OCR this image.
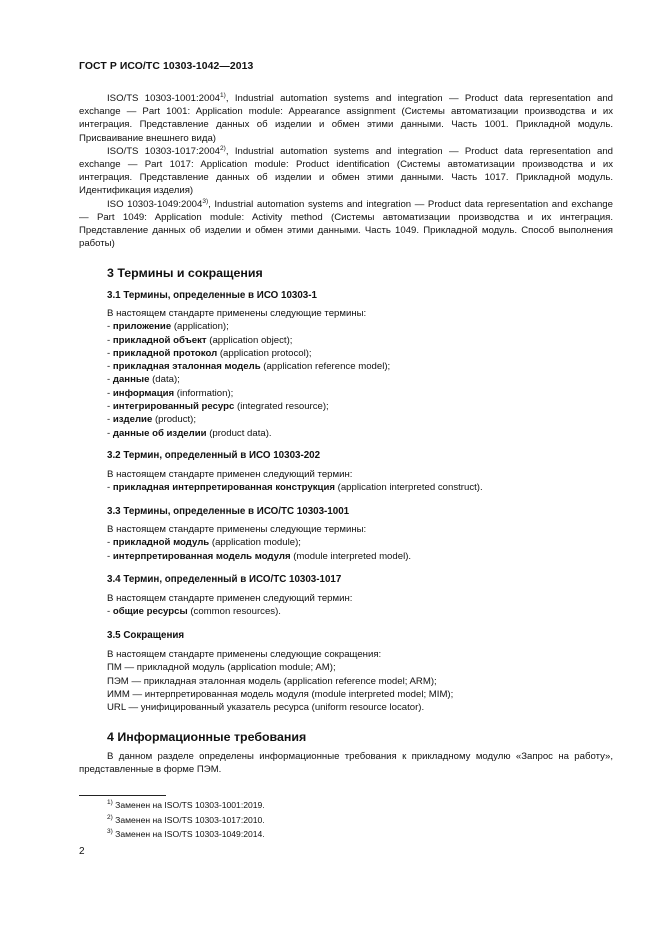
ГОСТ Р ИСО/ТС 10303-1042—2013

ISO/TS 10303-1001:2004$^{1)}$, Industrial automation systems and integration — Product data representation and exchange — Part 1001: Application module: Appearance assignment (Системы автоматизации производства и их интеграция. Представление данных об изделии и обмен этими данными. Часть 1001. Прикладной модуль. Присваивание внешнего вида)

ISO/TS 10303-1017:2004$^{2)}$, Industrial automation systems and integration — Product data representation and exchange — Part 1017: Application module: Product identification (Системы автоматизации производства и их интеграция. Представление данных об изделии и обмен этими данными. Часть 1017. Прикладной модуль. Идентификация изделия)

ISO 10303-1049:2004$^{3)}$, Industrial automation systems and integration — Product data representation and exchange — Part 1049: Application module: Activity method (Системы автоматизации производства и их интеграция. Представление данных об изделии и обмен этими данными. Часть 1049. Прикладной модуль. Способ выполнения работы)

3 Термины и сокращения
3.1 Термины, определенные в ИСО 10303-1

В настоящем стандарте применены следующие термины:

- приложение (application);

- прикладной объект (application object);

- прикладной протокол (application protocol);

- прикладная эталонная модель (application reference model);

- данные (data);

- информация (information);

- интегрированный ресурс (integrated resource);

- изделие (product);

- данные об изделии (product data).

3.2 Термин, определенный в ИСО 10303-202

В настоящем стандарте применен следующий термин:

- прикладная интерпретированная конструкция (application interpreted construct).

3.3 Термины, определенные в ИСО/ТС 10303-1001

В настоящем стандарте применены следующие термины:

- прикладной модуль (application module);

- интерпретированная модель модуля (module interpreted model).

3.4 Термин, определенный в ИСО/ТС 10303-1017

В настоящем стандарте применен следующий термин:

- общие ресурсы (common resources).

3.5 Сокращения

В настоящем стандарте применены следующие сокращения:

ПМ — прикладной модуль (application module; AM);

ПЭМ — прикладная эталонная модель (application reference model; ARM);

ИММ — интерпретированная модель модуля (module interpreted model; MIM);

URL — унифицированный указатель ресурса (uniform resource locator).

4 Информационные требования

В данном разделе определены информационные требования к прикладному модулю «Запрос на работу», представленные в форме ПЭМ.

$^{1)}$ Заменен на ISO/TS 10303-1001:2019.

$^{2)}$ Заменен на ISO/TS 10303-1017:2010.

$^{3)}$ Заменен на ISO/TS 10303-1049:2014.

2
